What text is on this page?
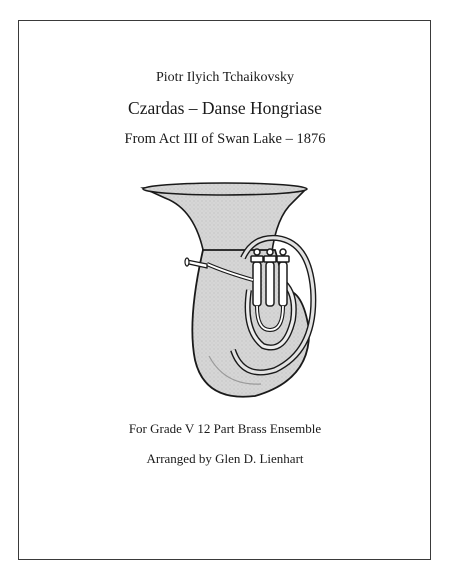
Piotr Ilyich Tchaikovsky
Czardas – Danse Hongriase
From Act III of Swan Lake – 1876
For Grade V 12 Part Brass Ensemble
Arranged by Glen D. Lienhart
